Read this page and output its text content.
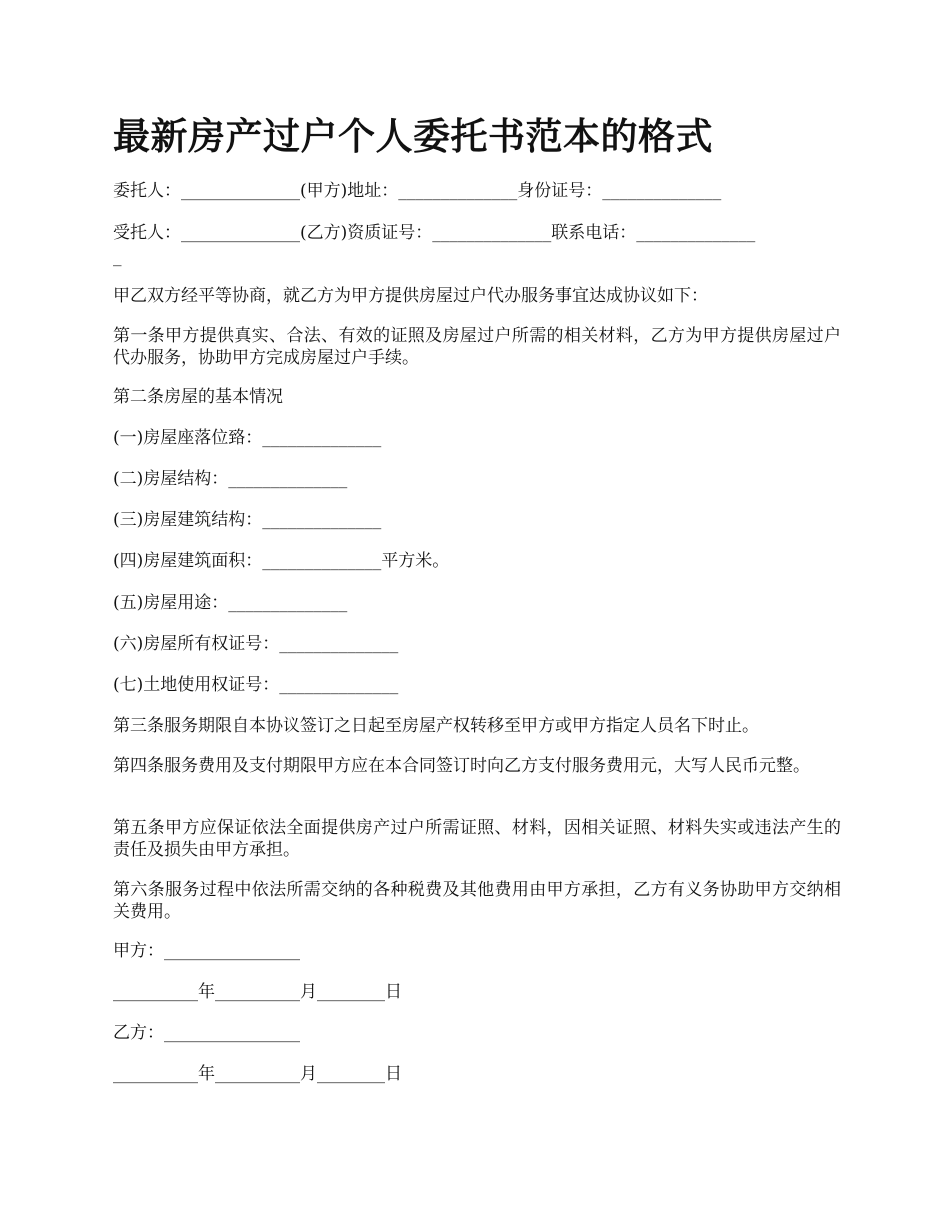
最新房产过户个人委托书范本的格式

委托人：______________(甲方)地址：______________身份证号：______________

受托人：______________(乙方)资质证号：______________联系电话：______________

_

甲乙双方经平等协商，就乙方为甲方提供房屋过户代办服务事宜达成协议如下：

第一条甲方提供真实、合法、有效的证照及房屋过户所需的相关材料，乙方为甲方提供房屋过户代办服务，协助甲方完成房屋过户手续。

第二条房屋的基本情况

(一)房屋座落位臵：______________

(二)房屋结构：______________

(三)房屋建筑结构：______________

(四)房屋建筑面积：______________平方米。

(五)房屋用途：______________

(六)房屋所有权证号：______________

(七)土地使用权证号：______________

第三条服务期限自本协议签订之日起至房屋产权转移至甲方或甲方指定人员名下时止。

第四条服务费用及支付期限甲方应在本合同签订时向乙方支付服务费用元，大写人民币元整。

第五条甲方应保证依法全面提供房产过户所需证照、材料，因相关证照、材料失实或违法产生的责任及损失由甲方承担。

第六条服务过程中依法所需交纳的各种税费及其他费用由甲方承担，乙方有义务协助甲方交纳相关费用。

甲方：________________

__________年__________月________日

乙方：________________

__________年__________月________日
